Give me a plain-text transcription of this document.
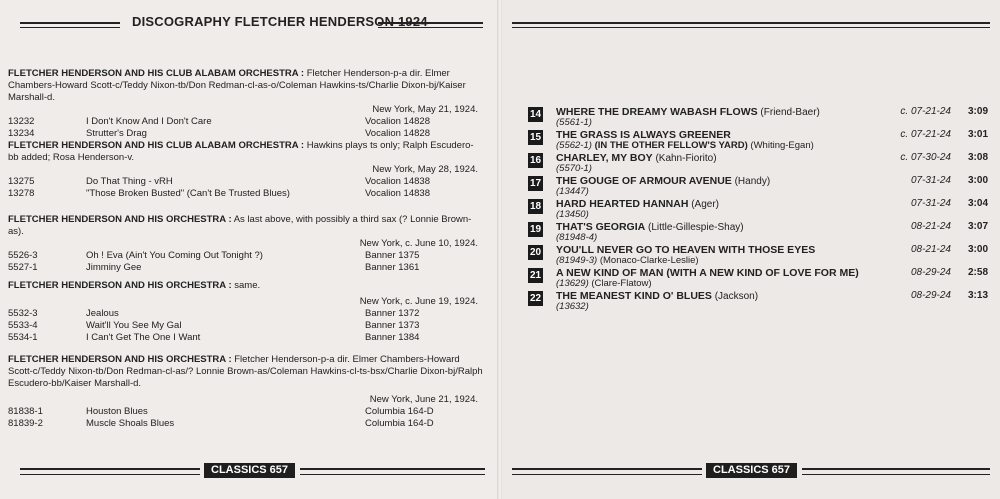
DISCOGRAPHY FLETCHER HENDERSON 1924
FLETCHER HENDERSON AND HIS CLUB ALABAM ORCHESTRA : Fletcher Henderson-p-a dir. Elmer Chambers-Howard Scott-c/Teddy Nixon-tb/Don Redman-cl-as-o/Coleman Hawkins-ts/Charlie Dixon-bj/Kaiser Marshall-d.
New York, May 21, 1924.
13232	I Don't Know And I Don't Care	Vocalion 14828
13234	Strutter's Drag	Vocalion 14828
FLETCHER HENDERSON AND HIS CLUB ALABAM ORCHESTRA : Hawkins plays ts only; Ralph Escudero-bb added; Rosa Henderson-v.
New York, May 28, 1924.
13275	Do That Thing - vRH	Vocalion 14838
13278	"Those Broken Busted" (Can't Be Trusted Blues)	Vocalion 14838
FLETCHER HENDERSON AND HIS ORCHESTRA : As last above, with possibly a third sax (? Lonnie Brown-as).
New York, c. June 10, 1924.
5526-3	Oh ! Eva (Ain't You Coming Out Tonight ?)	Banner 1375
5527-1	Jimminy Gee	Banner 1361
FLETCHER HENDERSON AND HIS ORCHESTRA : same.
New York, c. June 19, 1924.
5532-3	Jealous	Banner 1372
5533-4	Wait'll You See My Gal	Banner 1373
5534-1	I Can't Get The One I Want	Banner 1384
FLETCHER HENDERSON AND HIS ORCHESTRA : Fletcher Henderson-p-a dir. Elmer Chambers-Howard Scott-c/Teddy Nixon-tb/Don Redman-cl-as/? Lonnie Brown-as/Coleman Hawkins-cl-ts-bsx/Charlie Dixon-bj/Ralph Escudero-bb/Kaiser Marshall-d.
New York, June 21, 1924.
81838-1	Houston Blues	Columbia 164-D
81839-2	Muscle Shoals Blues	Columbia 164-D
CLASSICS 657
14 WHERE THE DREAMY WABASH FLOWS (Friend-Baer)
(5561-1)
c. 07-21-24 3:09
15 THE GRASS IS ALWAYS GREENER
(5562-1) (IN THE OTHER FELLOW'S YARD) (Whiting-Egan)
c. 07-21-24 3:01
16 CHARLEY, MY BOY (Kahn-Fiorito)
(5570-1)
c. 07-30-24 3:08
17 THE GOUGE OF ARMOUR AVENUE (Handy)
(13447)
07-31-24 3:00
18 HARD HEARTED HANNAH (Ager)
(13450)
07-31-24 3:04
19 THAT'S GEORGIA (Little-Gillespie-Shay)
(81948-4)
08-21-24 3:07
20 YOU'LL NEVER GO TO HEAVEN WITH THOSE EYES
(81949-3) (Monaco-Clarke-Leslie)
08-21-24 3:00
21 A NEW KIND OF MAN (WITH A NEW KIND OF LOVE FOR ME)
(13629) (Clare-Flatow)
08-29-24 2:58
22 THE MEANEST KIND O' BLUES (Jackson)
(13632)
08-29-24 3:13
CLASSICS 657
